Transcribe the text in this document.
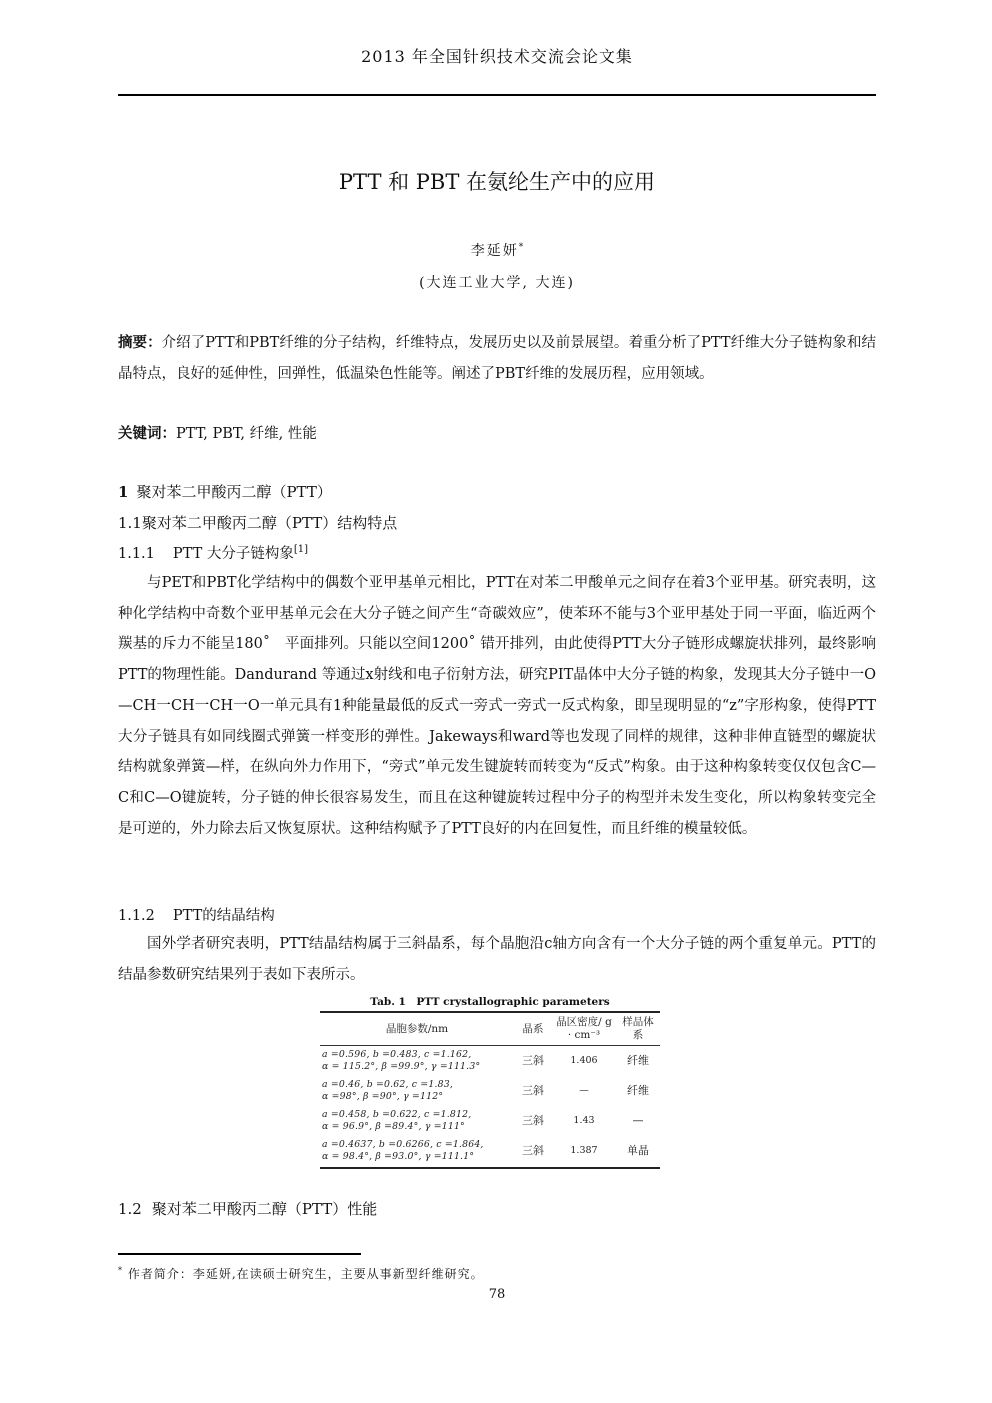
2013 年全国针织技术交流会论文集
PTT 和 PBT 在氨纶生产中的应用
李延妍*
(大连工业大学, 大连)
摘要：介绍了PTT和PBT纤维的分子结构，纤维特点，发展历史以及前景展望。着重分析了PTT纤维大分子链构象和结晶特点，良好的延伸性，回弹性，低温染色性能等。阐述了PBT纤维的发展历程，应用领域。
关键词：PTT, PBT, 纤维, 性能
1 聚对苯二甲酸丙二醇（PTT）
1.1聚对苯二甲酸丙二醇（PTT）结构特点
1.1.1 PTT 大分子链构象[1]
与PET和PBT化学结构中的偶数个亚甲基单元相比，PTT在对苯二甲酸单元之间存在着3个亚甲基。研究表明，这种化学结构中奇数个亚甲基单元会在大分子链之间产生“奇碳效应”，使苯环不能与3个亚甲基处于同一平面，临近两个羰基的斥力不能呈180˚　平面排列。只能以空间1200˚ 错开排列，由此使得PTT大分子链形成螺旋状排列，最终影响PTT的物理性能。Dandurand 等通过x射线和电子衍射方法，研究PIT晶体中大分子链的构象，发现其大分子链中一O—CH一CH一CH一O一单元具有1种能量最低的反式一旁式一旁式一反式构象，即呈现明显的“z”字形构象，使得PTT大分子链具有如同线圈式弹簧一样变形的弹性。Jakeways和ward等也发现了同样的规律，这种非伸直链型的螺旋状结构就象弹簧—样，在纵向外力作用下，“旁式”单元发生键旋转而转变为“反式”构象。由于这种构象转变仅仅包含C—C和C—O键旋转，分子链的伸长很容易发生，而且在这种键旋转过程中分子的构型并未发生变化，所以构象转变完全是可逆的，外力除去后又恢复原状。这种结构赋予了PTT良好的内在回复性，而且纤维的模量较低。
1.1.2 PTT的结晶结构
国外学者研究表明，PTT结晶结构属于三斜晶系，每个晶胞沿c轴方向含有一个大分子链的两个重复单元。PTT的结晶参数研究结果列于表如下表所示。
Tab. 1　PTT crystallographic parameters
晶胞参数/nm	晶系	晶区密度/ g · cm⁻³	样品体系

a =0.596, b =0.483, c =1.162,
α = 115.2°, β =99.9°, γ =111.3°	三斜	1.406	纤维

a =0.46, b =0.62, c =1.83,
α =98°, β =90°, γ =112°	三斜	—	纤维

a =0.458, b =0.622, c =1.812,
α = 96.9°, β =89.4°, γ =111°	三斜	1.43	—

a =0.4637, b =0.6266, c =1.864,
α = 98.4°, β =93.0°, γ =111.1°	三斜	1.387	单晶
1.2 聚对苯二甲酸丙二醇（PTT）性能
* 作者简介：李延妍,在读硕士研究生，主要从事新型纤维研究。
78
